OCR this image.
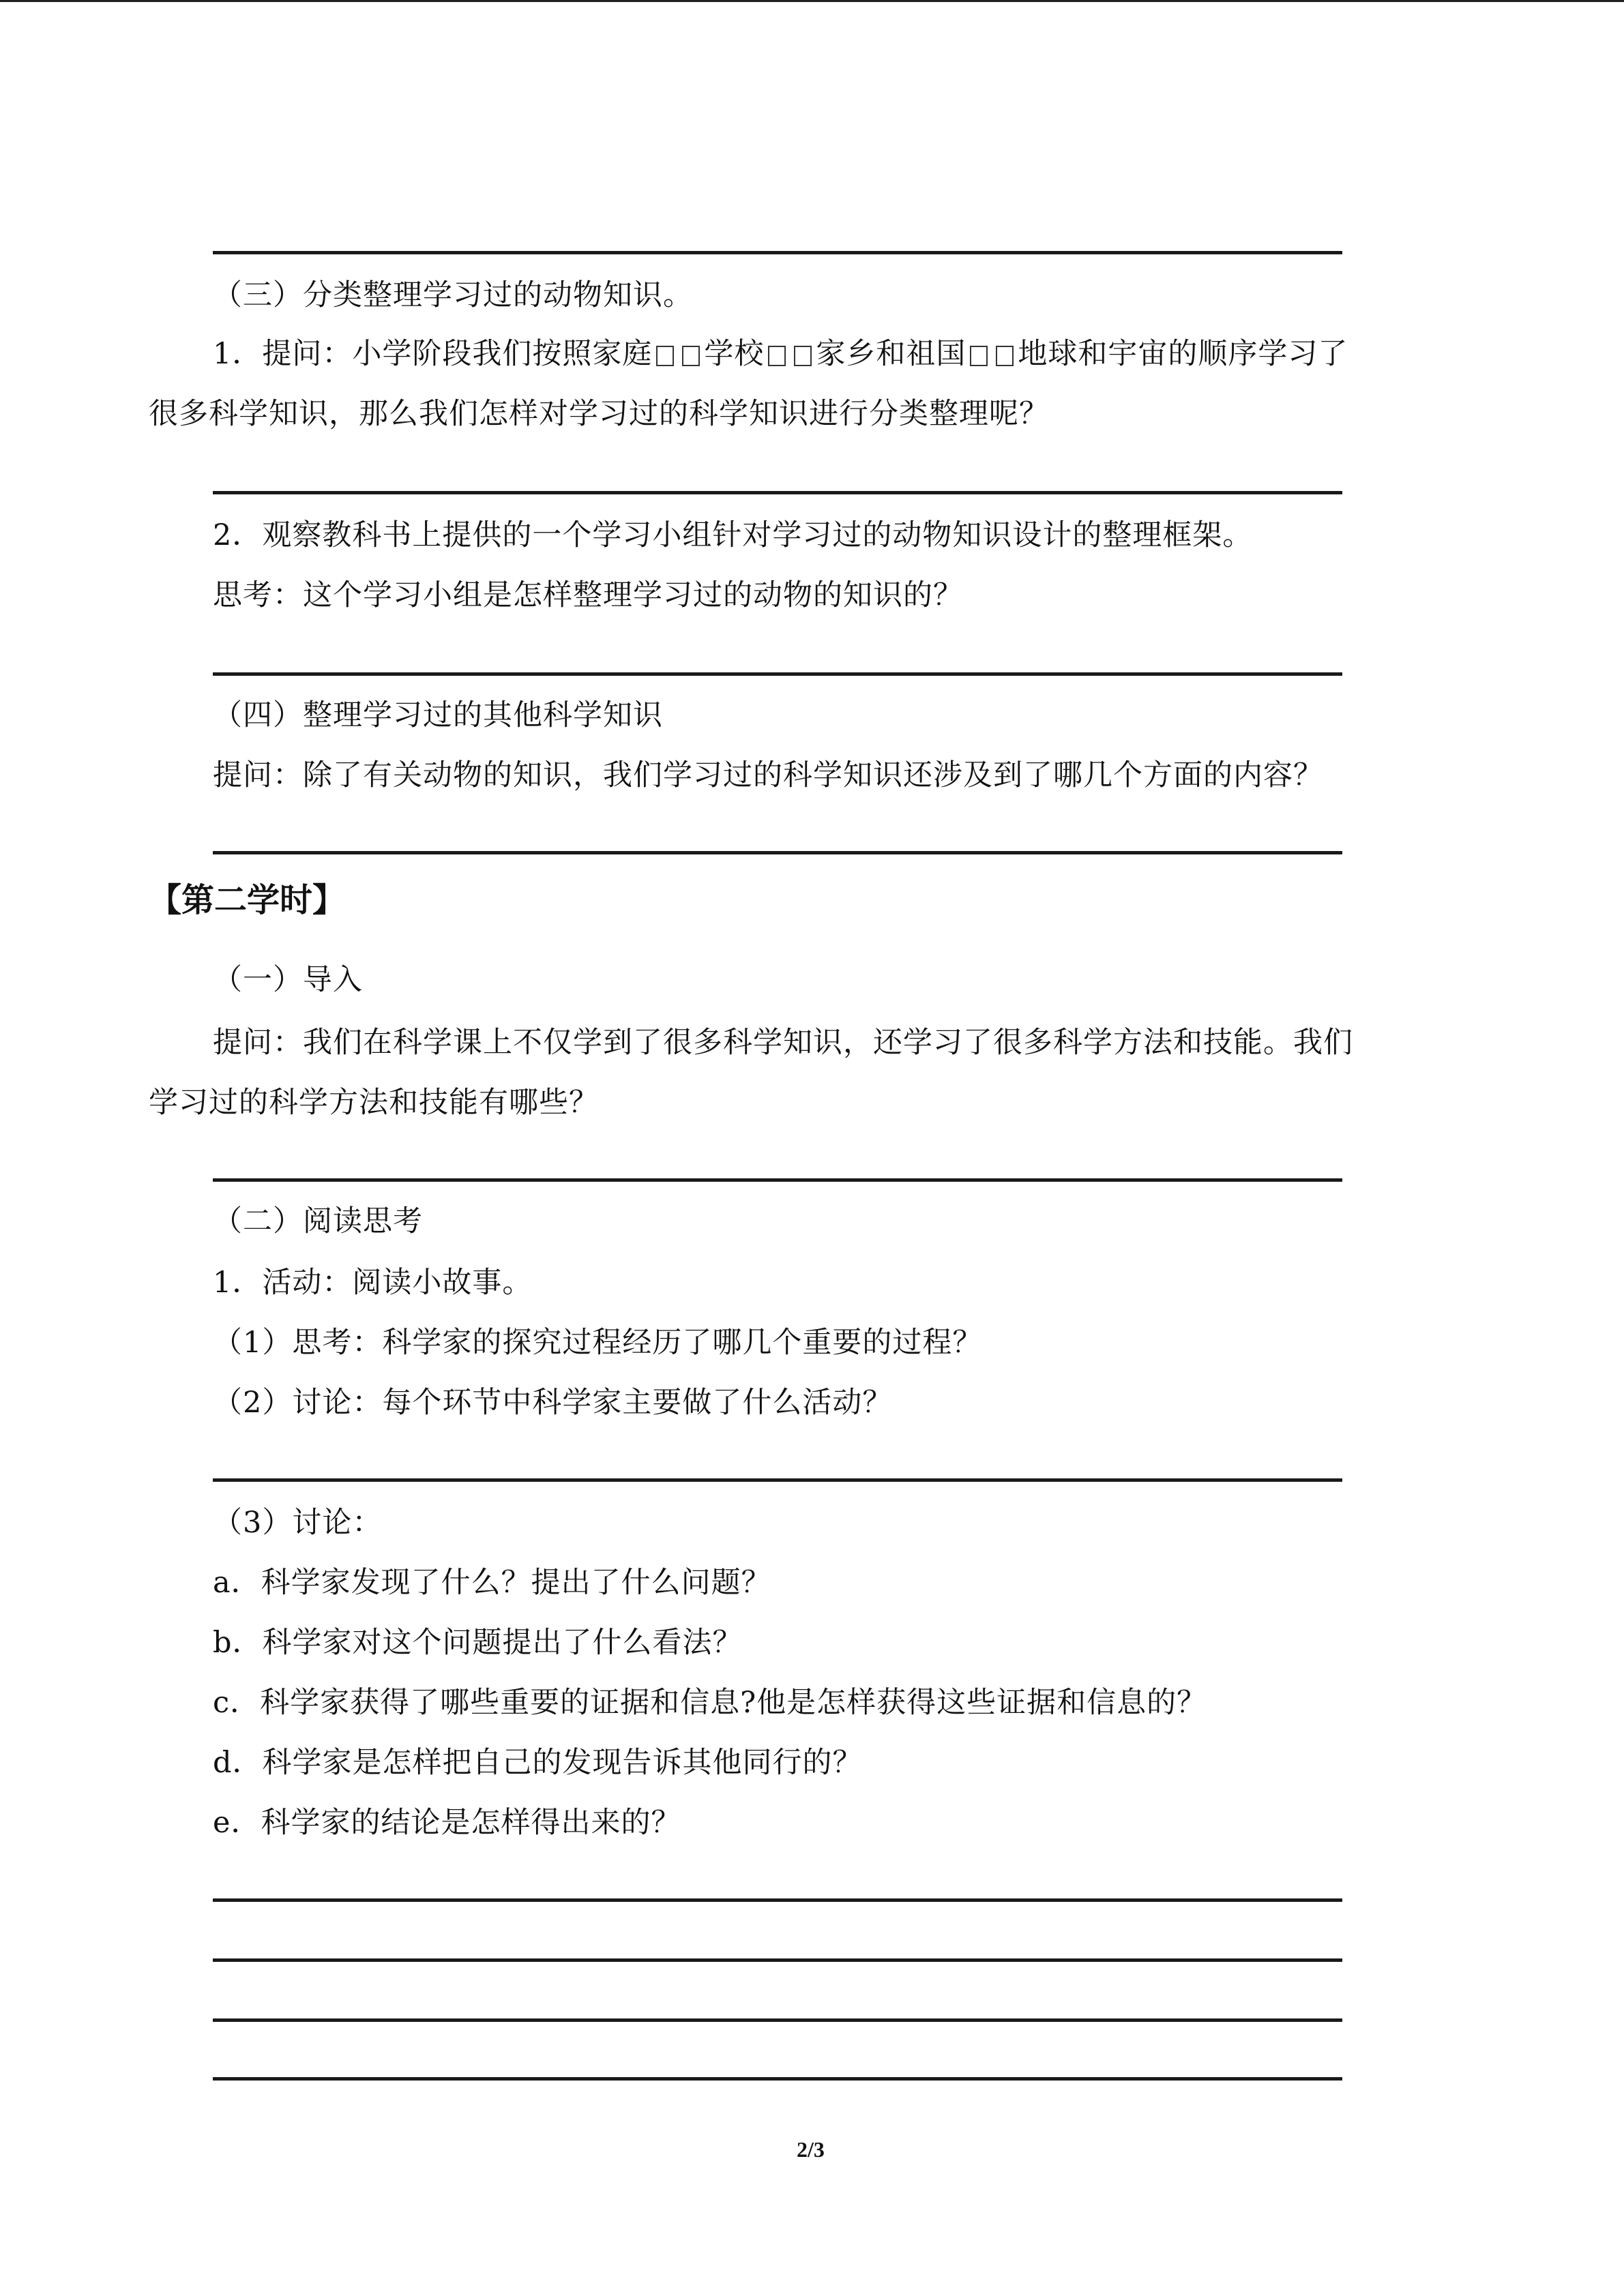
（三）分类整理学习过的动物知识。
1．提问：小学阶段我们按照家庭 学校 家乡和祖国 地球和宇宙的顺序学习了
很多科学知识，那么我们怎样对学习过的科学知识进行分类整理呢？
2．观察教科书上提供的一个学习小组针对学习过的动物知识设计的整理框架。
思考：这个学习小组是怎样整理学习过的动物的知识的？
（四）整理学习过的其他科学知识
提问：除了有关动物的知识，我们学习过的科学知识还涉及到了哪几个方面的内容？
【第二学时】
（一）导入
提问：我们在科学课上不仅学到了很多科学知识，还学习了很多科学方法和技能。我们
学习过的科学方法和技能有哪些？
（二）阅读思考
1．活动：阅读小故事。
（1）思考：科学家的探究过程经历了哪几个重要的过程？
（2）讨论：每个环节中科学家主要做了什么活动？
（3）讨论：
a．科学家发现了什么？提出了什么问题？
b．科学家对这个问题提出了什么看法？
c．科学家获得了哪些重要的证据和信息?他是怎样获得这些证据和信息的？
d．科学家是怎样把自己的发现告诉其他同行的？
e．科学家的结论是怎样得出来的？
2/3
